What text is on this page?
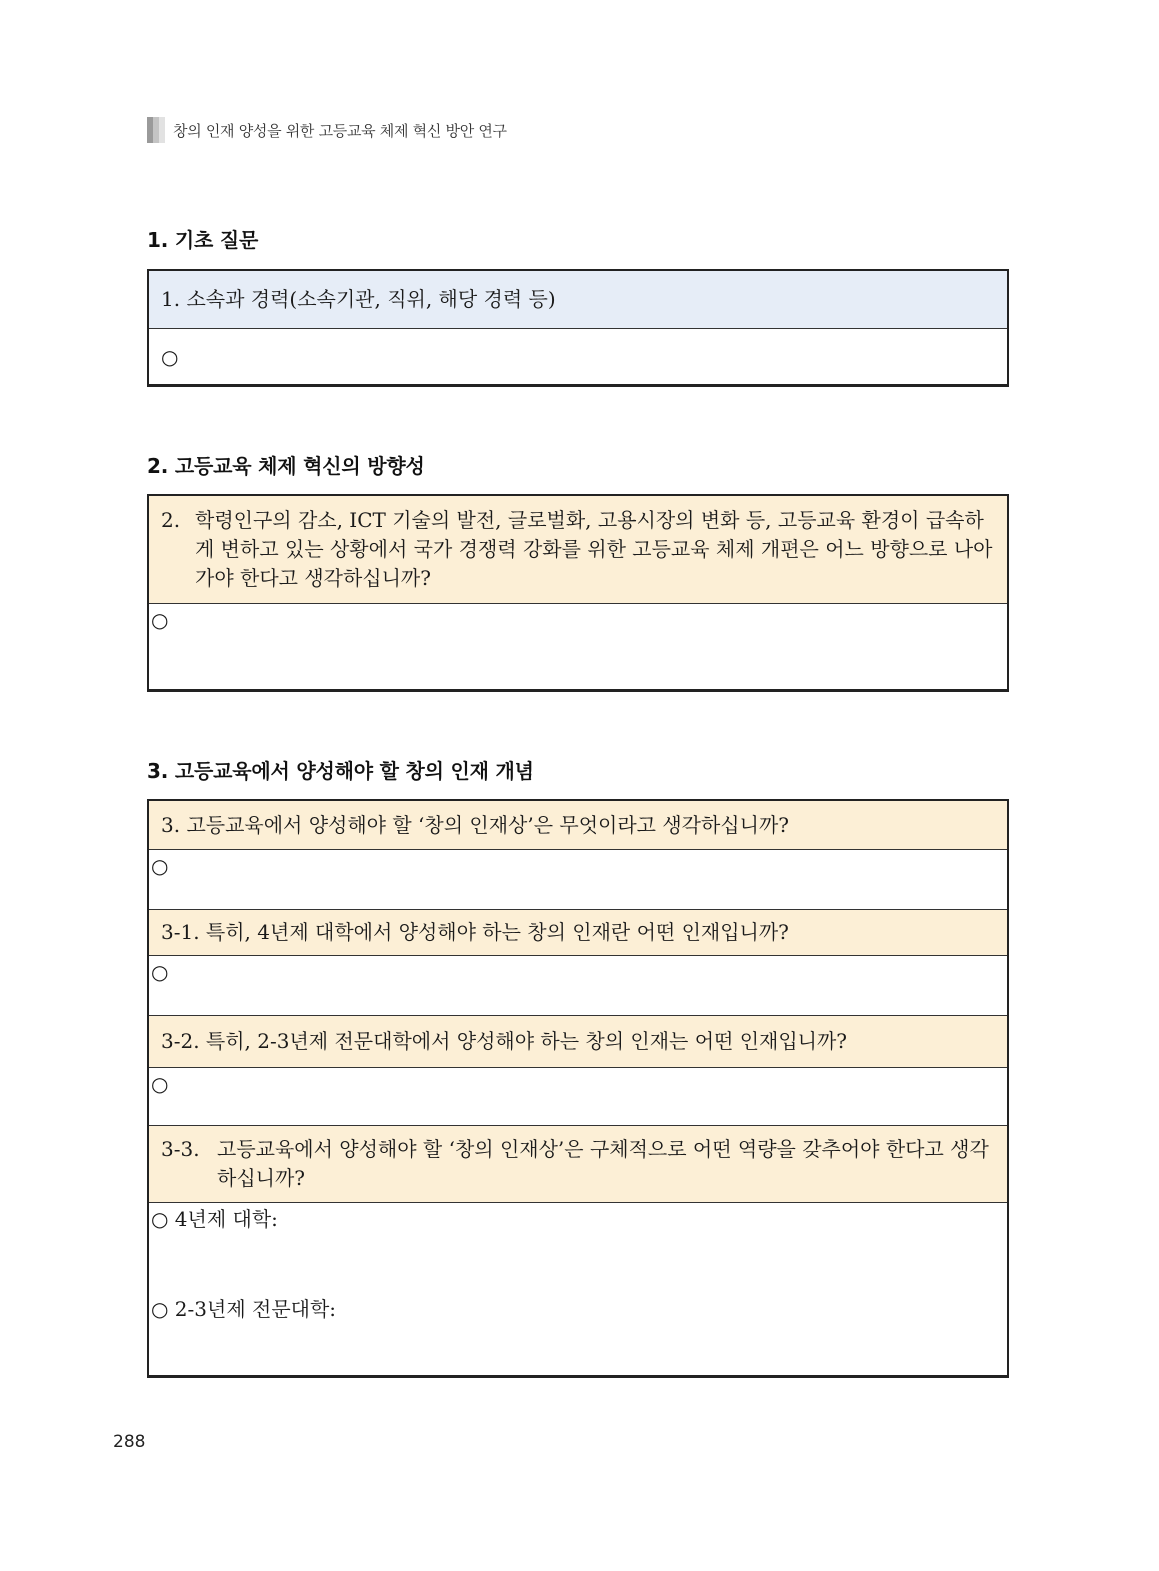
창의 인재 양성을 위한 고등교육 체제 혁신 방안 연구
1. 기초 질문
1. 소속과 경력(소속기관, 직위, 해당 경력 등)
○
2. 고등교육 체제 혁신의 방향성
2. 학령인구의 감소, ICT 기술의 발전, 글로벌화, 고용시장의 변화 등, 고등교육 환경이 급속하게 변하고 있는 상황에서 국가 경쟁력 강화를 위한 고등교육 체제 개편은 어느 방향으로 나아가야 한다고 생각하십니까?
○
3. 고등교육에서 양성해야 할 창의 인재 개념
3. 고등교육에서 양성해야 할 ‘창의 인재상’은 무엇이라고 생각하십니까?
○
3-1. 특히, 4년제 대학에서 양성해야 하는 창의 인재란 어떤 인재입니까?
○
3-2. 특히, 2-3년제 전문대학에서 양성해야 하는 창의 인재는 어떤 인재입니까?
○
3-3. 고등교육에서 양성해야 할 ‘창의 인재상’은 구체적으로 어떤 역량을 갖추어야 한다고 생각하십니까?
○ 4년제 대학:
○ 2-3년제 전문대학:
288
